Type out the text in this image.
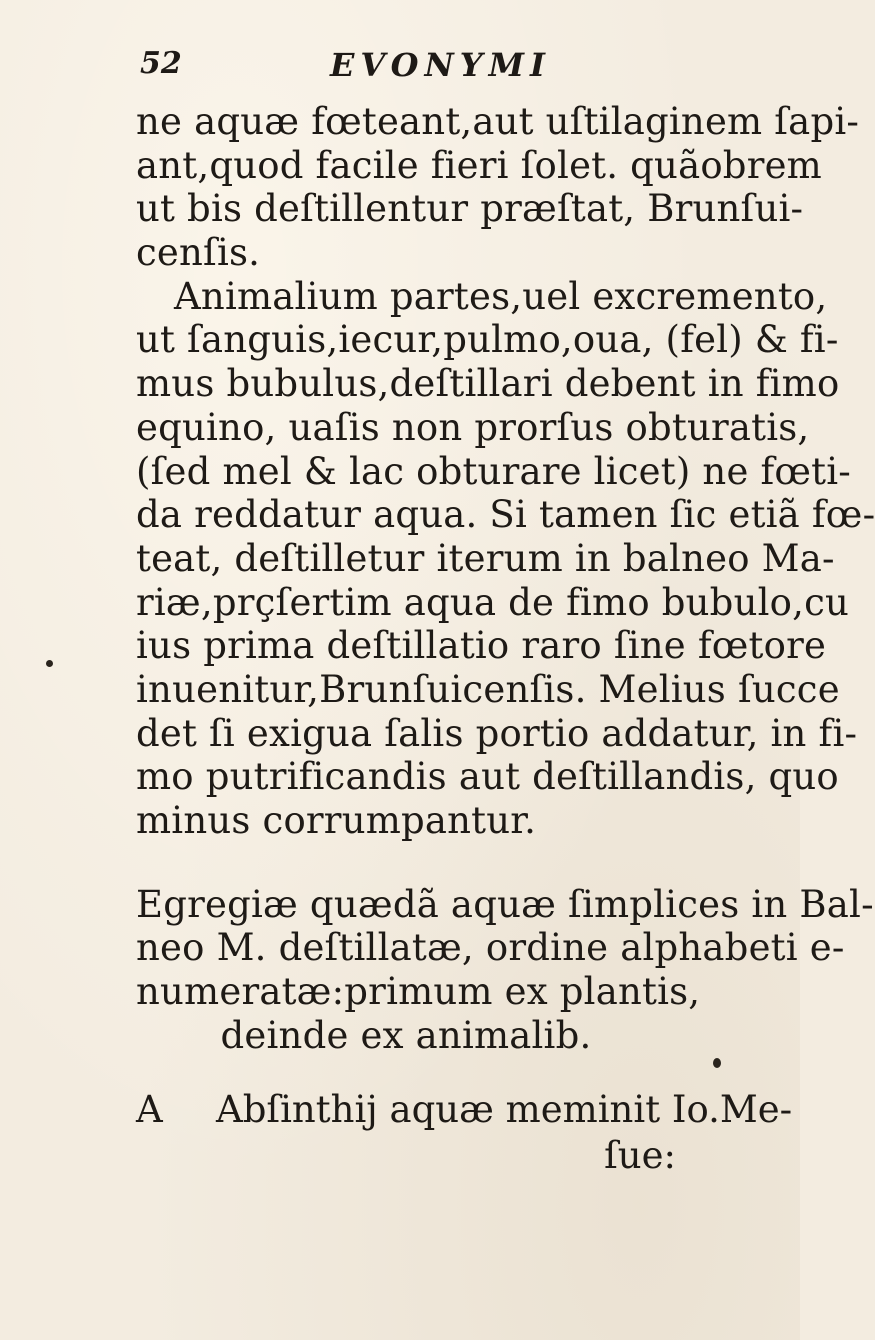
52	EVONYMI
ne aquæ fœteant,aut uſtilaginem ſapi-
ant,quod facile fieri ſolet. quãobrem
ut bis deſtillentur præſtat, Brunſui-
cenſis.
Animalium partes,uel excremento,
ut ſanguis,iecur,pulmo,oua, (fel) & fi-
mus bubulus,deſtillari debent in fimo
equino, uaſis non prorſus obturatis,
(ſed mel & lac obturare licet) ne fœti-
da reddatur aqua. Si tamen ſic etiã fœ-
teat, deſtilletur iterum in balneo Ma-
riæ,prçſertim aqua de fimo bubulo,cu
ius prima deſtillatio raro ſine fœtore
inuenitur,Brunſuicenſis. Melius ſucce
det ſi exigua ſalis portio addatur, in fi-
mo putrificandis aut deſtillandis, quo
minus corrumpantur.
Egregiæ quædã aquæ ſimplices in Bal-
neo M. deſtillatæ, ordine alphabeti e-
numeratæ:primum ex plantis,
deinde ex animalib.
A Abſinthij aquæ meminit Io.Me-
ſue:
